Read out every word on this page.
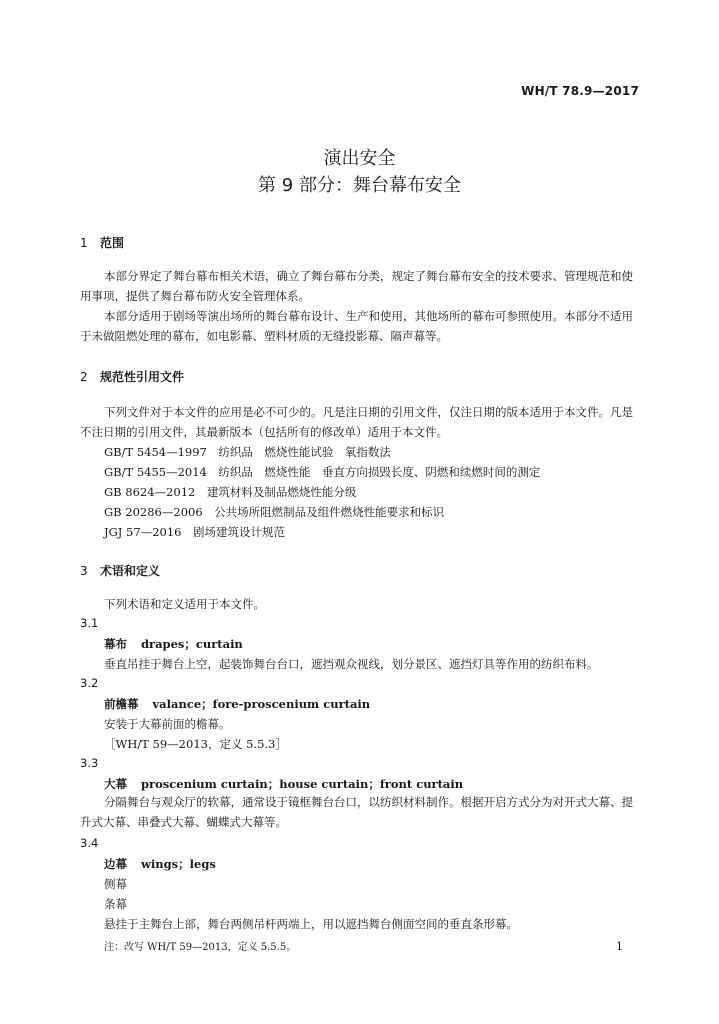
WH/T 78.9—2017
演出安全
第 9 部分：舞台幕布安全
1 范围
本部分界定了舞台幕布相关术语，确立了舞台幕布分类，规定了舞台幕布安全的技术要求、管理规范和使用事项，提供了舞台幕布防火安全管理体系。
本部分适用于剧场等演出场所的舞台幕布设计、生产和使用，其他场所的幕布可参照使用。本部分不适用于未做阻燃处理的幕布，如电影幕、塑料材质的无缝投影幕、隔声幕等。
2 规范性引用文件
下列文件对于本文件的应用是必不可少的。凡是注日期的引用文件，仅注日期的版本适用于本文件。凡是不注日期的引用文件，其最新版本（包括所有的修改单）适用于本文件。
GB/T 5454—1997　纺织品　燃烧性能试验　氧指数法
GB/T 5455—2014　纺织品　燃烧性能　垂直方向损毁长度、阴燃和续燃时间的测定
GB 8624—2012　建筑材料及制品燃烧性能分级
GB 20286—2006　公共场所阻燃制品及组件燃烧性能要求和标识
JGJ 57—2016　剧场建筑设计规范
3 术语和定义
下列术语和定义适用于本文件。
3.1
幕布 drapes；curtain
垂直吊挂于舞台上空，起装饰舞台台口，遮挡观众视线，划分景区、遮挡灯具等作用的纺织布料。
3.2
前檐幕 valance；fore-proscenium curtain
安装于大幕前面的檐幕。
［WH/T 59—2013，定义 5.5.3］
3.3
大幕 proscenium curtain；house curtain；front curtain
分隔舞台与观众厅的软幕，通常设于镜框舞台台口，以纺织材料制作。根据开启方式分为对开式大幕、提升式大幕、串叠式大幕、蝴蝶式大幕等。
3.4
边幕 wings；legs
侧幕
条幕
悬挂于主舞台上部，舞台两侧吊杆两端上，用以遮挡舞台侧面空间的垂直条形幕。
注：改写 WH/T 59—2013，定义 5.5.5。	1
